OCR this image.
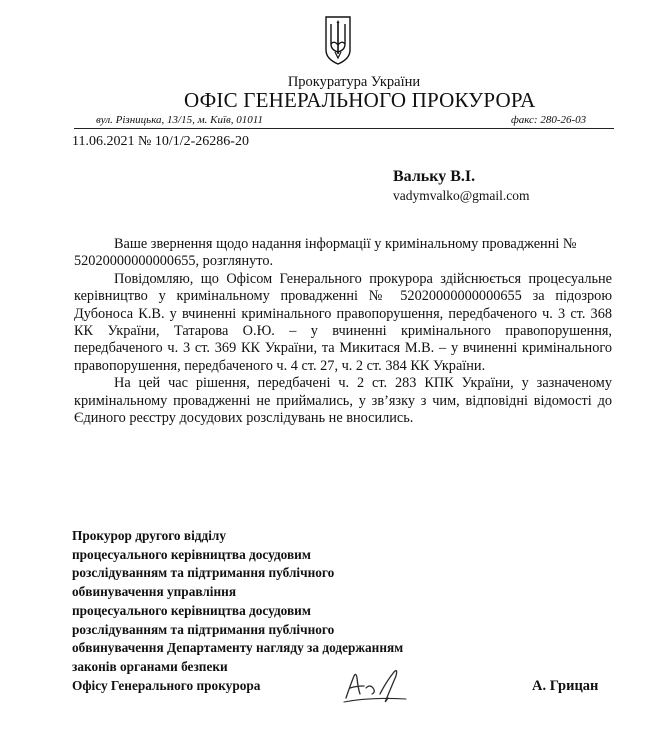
Прокуратура України
ОФІС ГЕНЕРАЛЬНОГО ПРОКУРОРА
вул. Різницька, 13/15, м. Київ, 01011	факс: 280-26-03
11.06.2021 № 10/1/2-26286-20
Вальку В.І.
vadymvalko@gmail.com

Ваше звернення щодо надання інформації у кримінальному провадженні № 52020000000000655, розглянуто.

Повідомляю, що Офісом Генерального прокурора здійснюється процесуальне керівництво у кримінальному провадженні № 52020000000000655 за підозрою Дубоноса К.В. у вчиненні кримінального правопорушення, передбаченого ч. 3 ст. 368 КК України, Татарова О.Ю. – у вчиненні кримінального правопорушення, передбаченого ч. 3 ст. 369 КК України, та Микитася М.В. – у вчиненні кримінального правопорушення, передбаченого ч. 4 ст. 27, ч. 2 ст. 384 КК України.

На цей час рішення, передбачені ч. 2 ст. 283 КПК України, у зазначеному кримінальному провадженні не приймались, у зв’язку з чим, відповідні відомості до Єдиного реєстру досудових розслідувань не вносились.

Прокурор другого відділу
процесуального керівництва досудовим
розслідуванням та підтримання публічного
обвинувачення управління
процесуального керівництва досудовим
розслідуванням та підтримання публічного
обвинувачення Департаменту нагляду за додержанням
законів органами безпеки
Офісу Генерального прокурора	А. Грицан
